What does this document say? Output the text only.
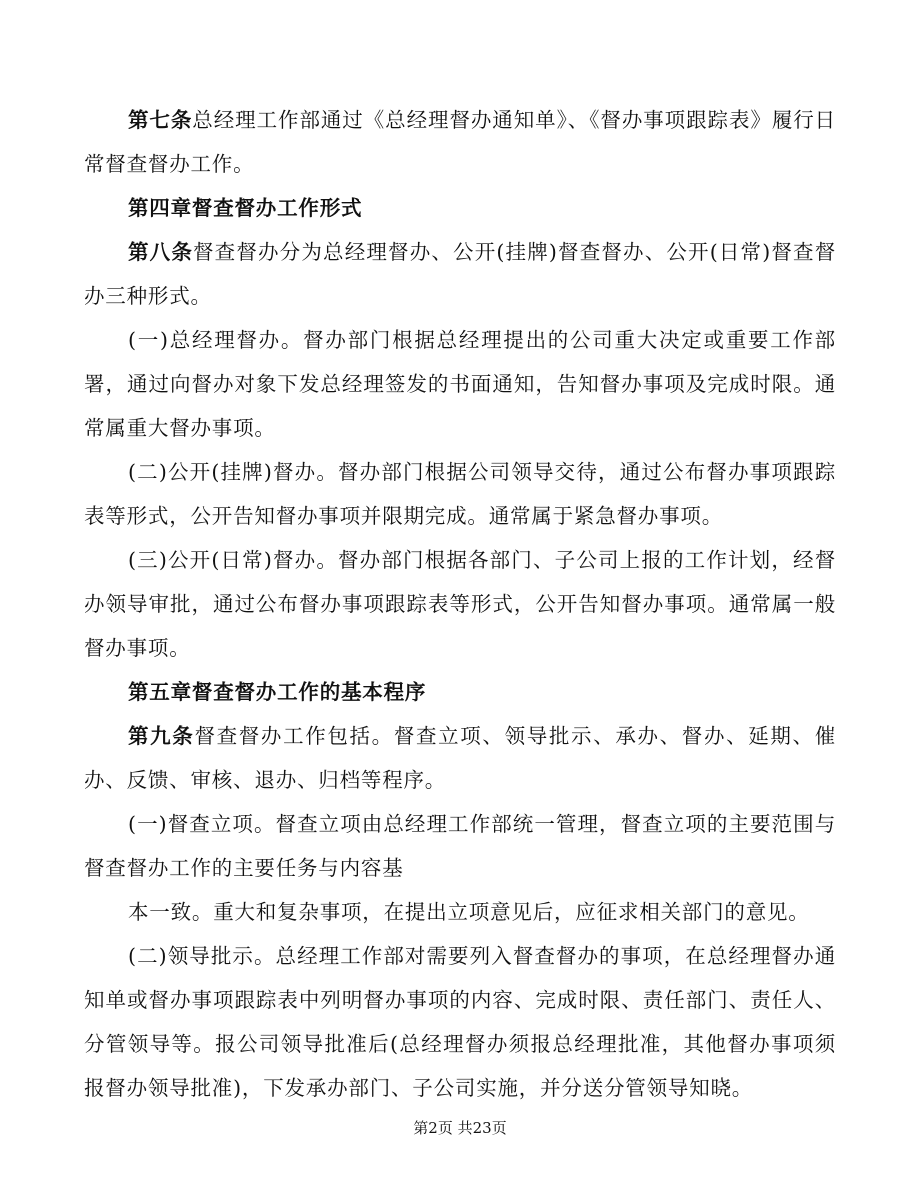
第七条总经理工作部通过《总经理督办通知单》、《督办事项跟踪表》履行日常督查督办工作。

第四章督查督办工作形式

第八条督查督办分为总经理督办、公开(挂牌)督查督办、公开(日常)督查督办三种形式。

(一)总经理督办。督办部门根据总经理提出的公司重大决定或重要工作部署，通过向督办对象下发总经理签发的书面通知，告知督办事项及完成时限。通常属重大督办事项。

(二)公开(挂牌)督办。督办部门根据公司领导交待，通过公布督办事项跟踪表等形式，公开告知督办事项并限期完成。通常属于紧急督办事项。

(三)公开(日常)督办。督办部门根据各部门、子公司上报的工作计划，经督办领导审批，通过公布督办事项跟踪表等形式，公开告知督办事项。通常属一般督办事项。

第五章督查督办工作的基本程序

第九条督查督办工作包括。督查立项、领导批示、承办、督办、延期、催办、反馈、审核、退办、归档等程序。

(一)督查立项。督查立项由总经理工作部统一管理，督查立项的主要范围与督查督办工作的主要任务与内容基

本一致。重大和复杂事项，在提出立项意见后，应征求相关部门的意见。

(二)领导批示。总经理工作部对需要列入督查督办的事项，在总经理督办通知单或督办事项跟踪表中列明督办事项的内容、完成时限、责任部门、责任人、分管领导等。报公司领导批准后(总经理督办须报总经理批准，其他督办事项须报督办领导批准)，下发承办部门、子公司实施，并分送分管领导知晓。

第2页 共23页
